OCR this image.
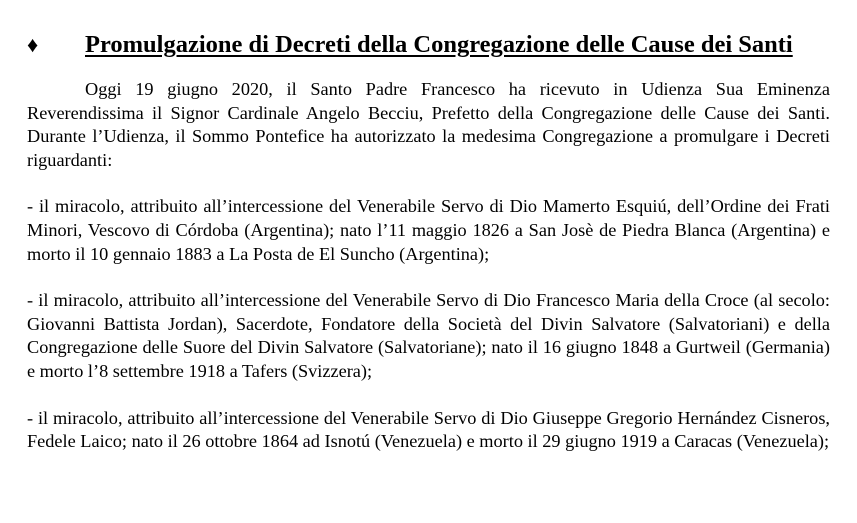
♦	Promulgazione di Decreti della Congregazione delle Cause dei Santi

Oggi 19 giugno 2020, il Santo Padre Francesco ha ricevuto in Udienza Sua Eminenza Reverendissima il Signor Cardinale Angelo Becciu, Prefetto della Congregazione delle Cause dei Santi. Durante l’Udienza, il Sommo Pontefice ha autorizzato la medesima Congregazione a promulgare i Decreti riguardanti:

- il miracolo, attribuito all’intercessione del Venerabile Servo di Dio Mamerto Esquiú, dell’Ordine dei Frati Minori, Vescovo di Córdoba (Argentina); nato l’11 maggio 1826 a San Josè de Piedra Blanca (Argentina) e morto il 10 gennaio 1883 a La Posta de El Suncho (Argentina);

- il miracolo, attribuito all’intercessione del Venerabile Servo di Dio Francesco Maria della Croce (al secolo: Giovanni Battista Jordan), Sacerdote, Fondatore della Società del Divin Salvatore (Salvatoriani) e della Congregazione delle Suore del Divin Salvatore (Salvatoriane); nato il 16 giugno 1848 a Gurtweil (Germania) e morto l’8 settembre 1918 a Tafers (Svizzera);

- il miracolo, attribuito all’intercessione del Venerabile Servo di Dio Giuseppe Gregorio Hernández Cisneros, Fedele Laico; nato il 26 ottobre 1864 ad Isnotú (Venezuela) e morto il 29 giugno 1919 a Caracas (Venezuela);
